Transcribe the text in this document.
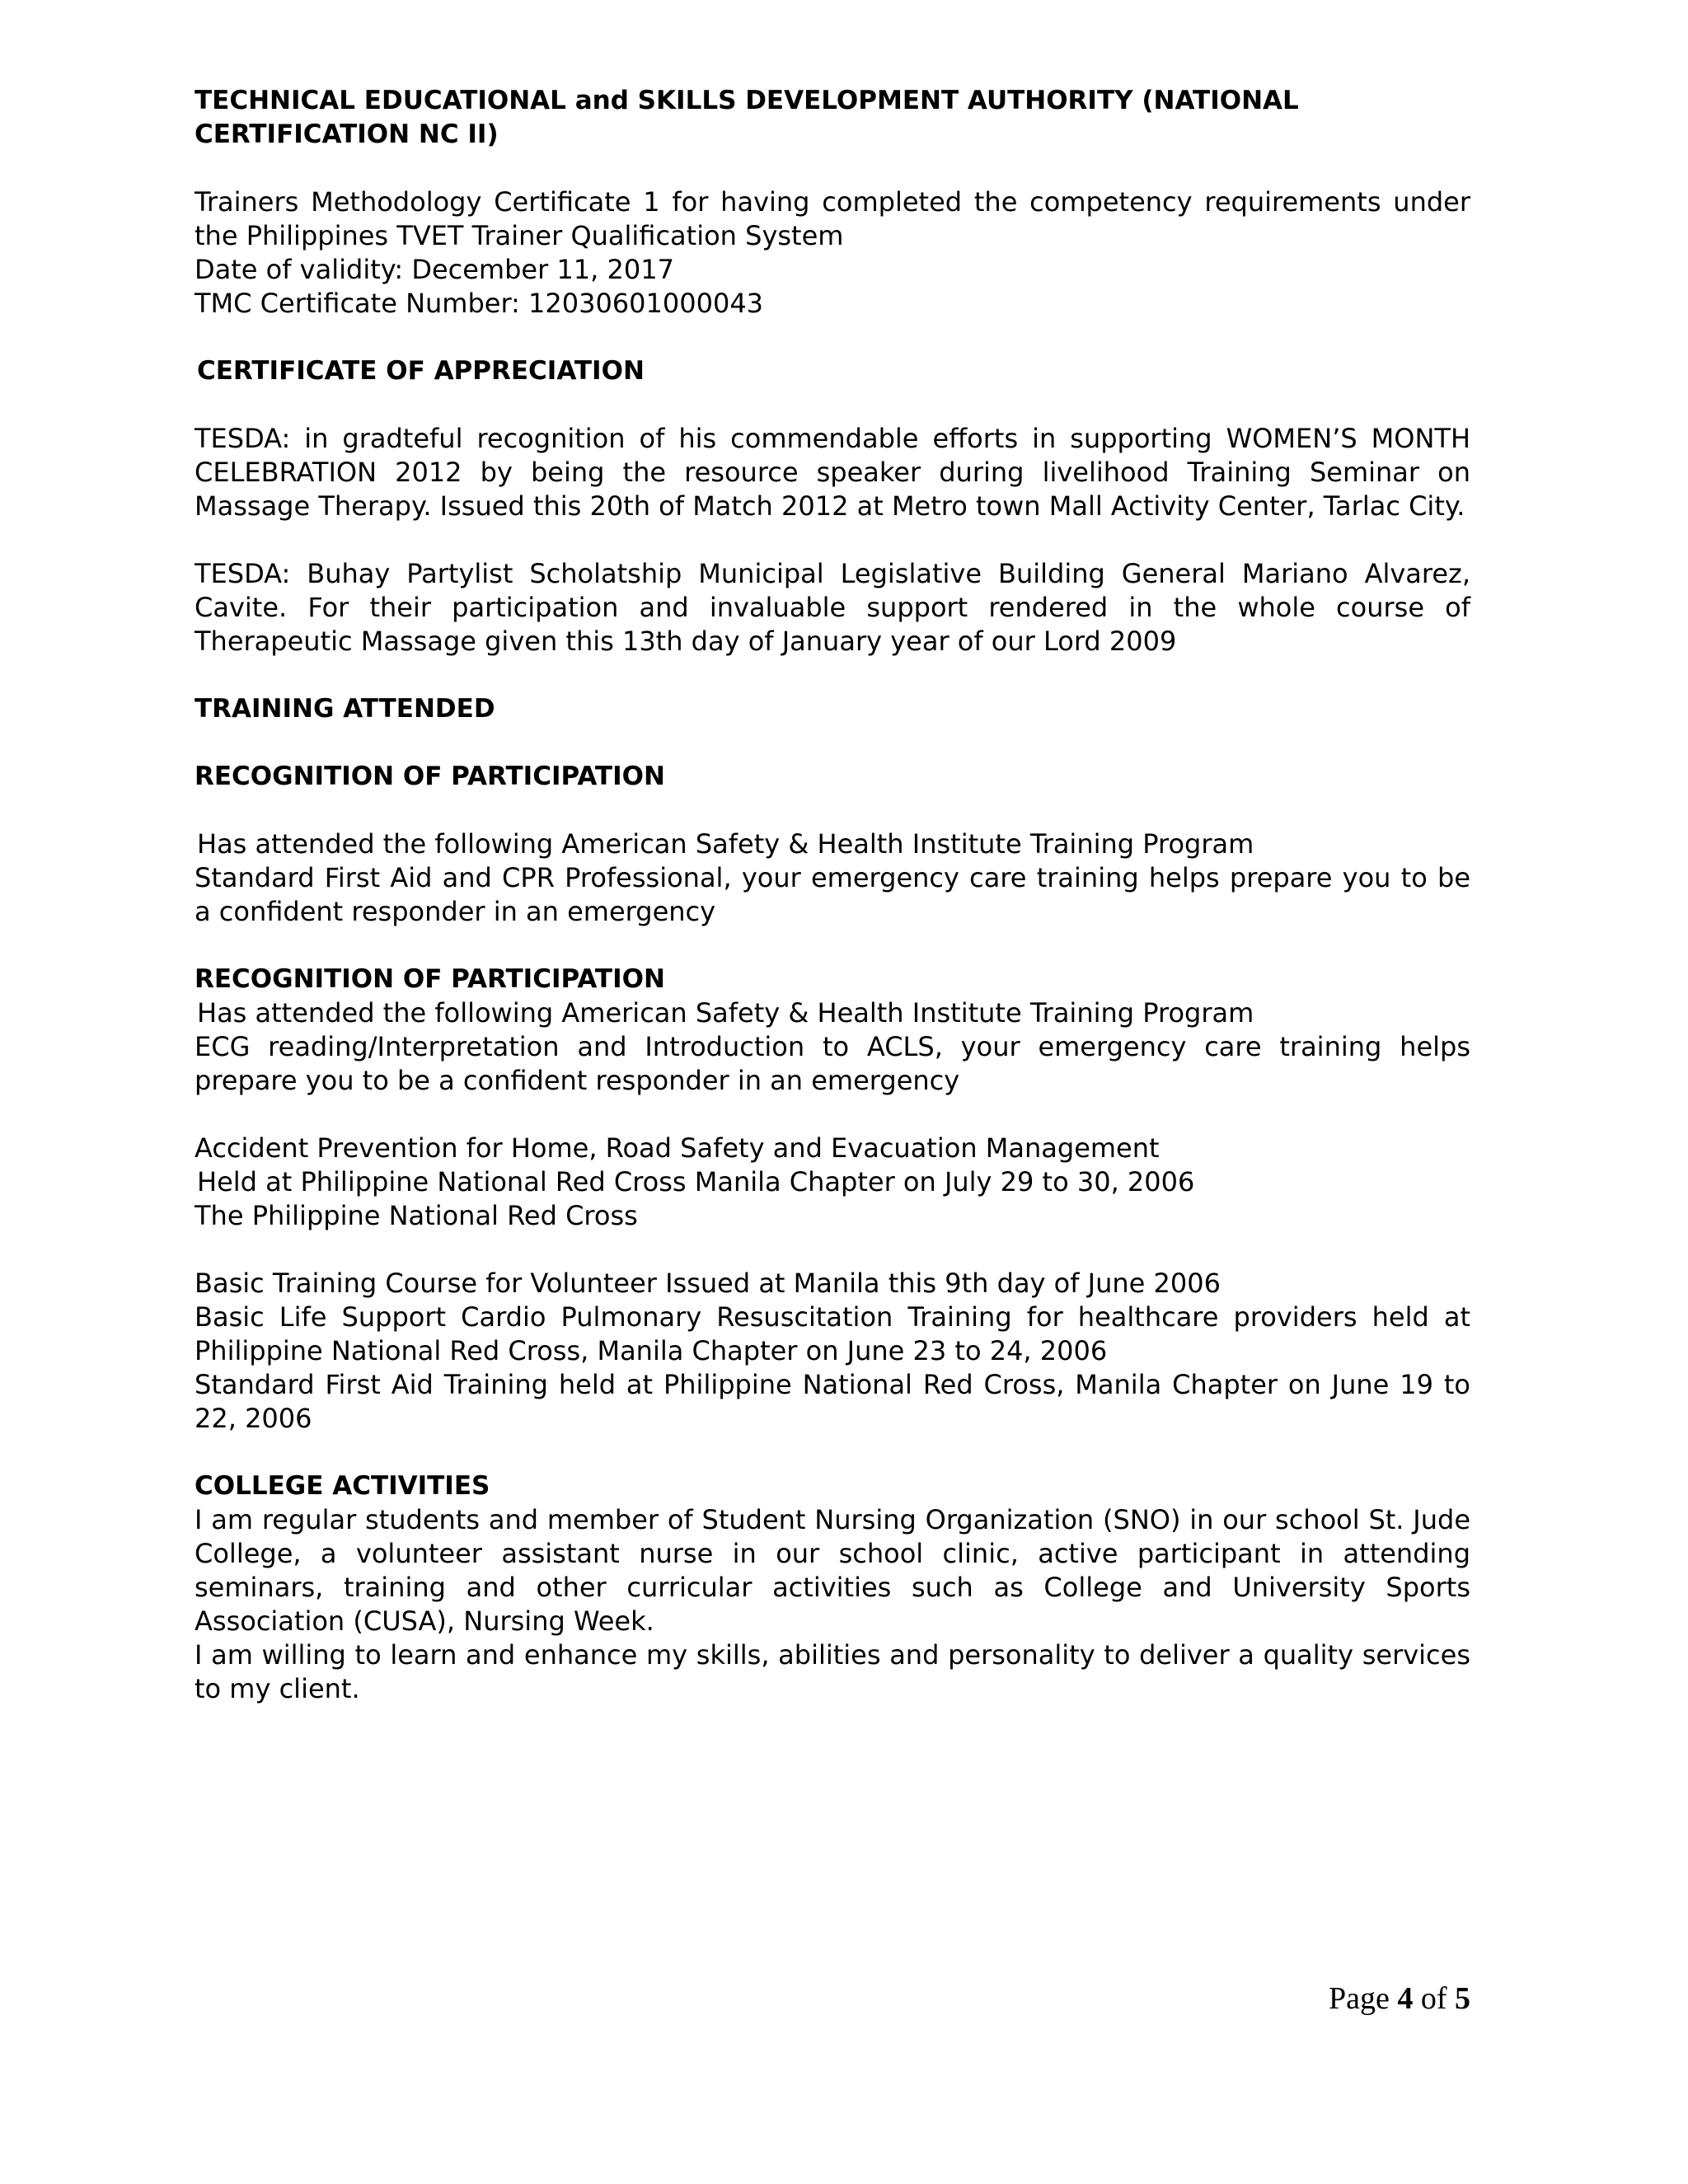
TECHNICAL EDUCATIONAL and SKILLS DEVELOPMENT AUTHORITY (NATIONAL CERTIFICATION NC II)

Trainers Methodology Certificate 1 for having completed the competency requirements under the Philippines TVET Trainer Qualification System

Date of validity: December 11, 2017

TMC Certificate Number: 12030601000043

CERTIFICATE OF APPRECIATION

TESDA: in gradteful recognition of his commendable efforts in supporting WOMEN’S MONTH CELEBRATION 2012 by being the resource speaker during livelihood Training Seminar on Massage Therapy. Issued this 20th of Match 2012 at Metro town Mall Activity Center, Tarlac City.

TESDA: Buhay Partylist Scholatship Municipal Legislative Building General Mariano Alvarez, Cavite. For their participation and invaluable support rendered in the whole course of Therapeutic Massage given this 13th day of January year of our Lord 2009

TRAINING ATTENDED

RECOGNITION OF PARTICIPATION

Has attended the following American Safety & Health Institute Training Program

Standard First Aid and CPR Professional, your emergency care training helps prepare you to be a confident responder in an emergency

RECOGNITION OF PARTICIPATION

Has attended the following American Safety & Health Institute Training Program

ECG reading/Interpretation and Introduction to ACLS, your emergency care training helps prepare you to be a confident responder in an emergency

Accident Prevention for Home, Road Safety and Evacuation Management

Held at Philippine National Red Cross Manila Chapter on July 29 to 30, 2006

The Philippine National Red Cross

Basic Training Course for Volunteer Issued at Manila this 9th day of June 2006

Basic Life Support Cardio Pulmonary Resuscitation Training for healthcare providers held at Philippine National Red Cross, Manila Chapter on June 23 to 24, 2006

Standard First Aid Training held at Philippine National Red Cross, Manila Chapter on June 19 to 22, 2006

COLLEGE ACTIVITIES

I am regular students and member of Student Nursing Organization (SNO) in our school St. Jude College, a volunteer assistant nurse in our school clinic, active participant in attending seminars, training and other curricular activities such as College and University Sports Association (CUSA), Nursing Week.

I am willing to learn and enhance my skills, abilities and personality to deliver a quality services to my client.

Page 4 of 5
